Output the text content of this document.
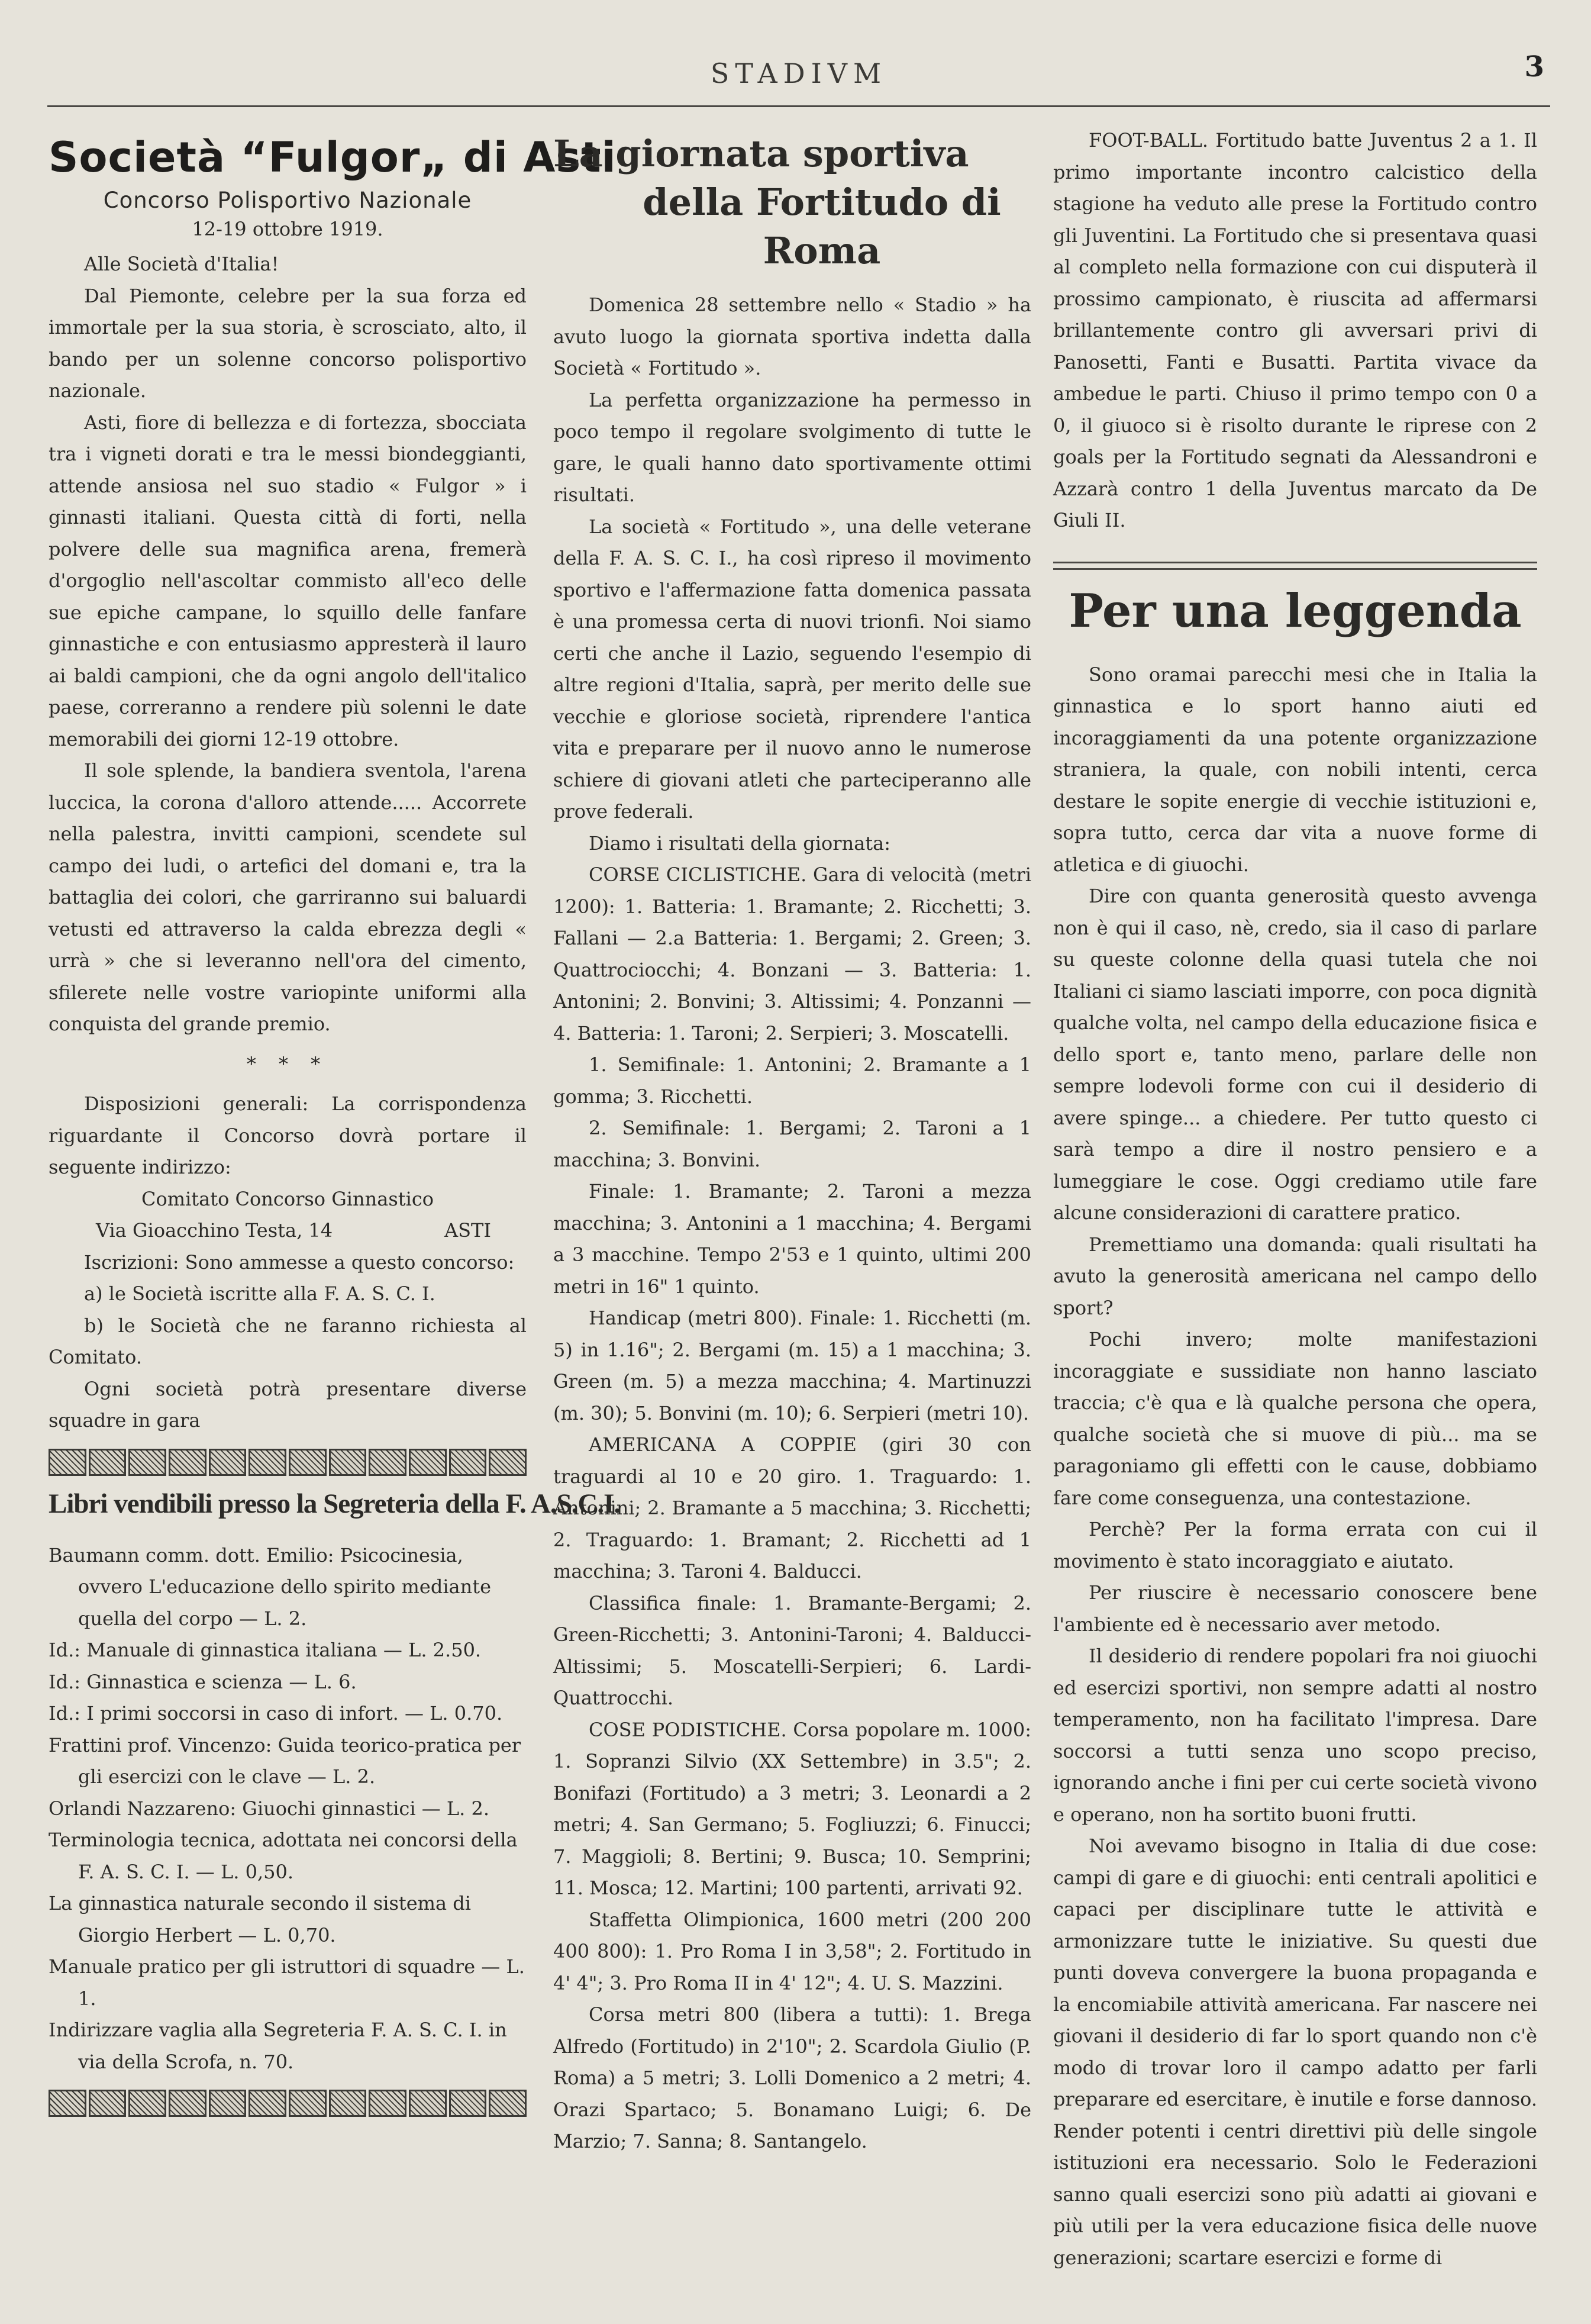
STADIVM	3
Società “Fulgor„ di Asti
Concorso Polisportivo Nazionale
12-19 ottobre 1919.

Alle Società d'Italia!

Dal Piemonte, celebre per la sua forza ed immortale per la sua storia, è scrosciato, alto, il bando per un solenne concorso polisportivo nazionale.

Asti, fiore di bellezza e di fortezza, sbocciata tra i vigneti dorati e tra le messi biondeggianti, attende ansiosa nel suo stadio « Fulgor » i ginnasti italiani. Questa città di forti, nella polvere delle sua magnifica arena, fremerà d'orgoglio nell'ascoltar commisto all'eco delle sue epiche campane, lo squillo delle fanfare ginnastiche e con entusiasmo appresterà il lauro ai baldi campioni, che da ogni angolo dell'italico paese, correranno a rendere più solenni le date memorabili dei giorni 12-19 ottobre.

Il sole splende, la bandiera sventola, l'arena luccica, la corona d'alloro attende..... Accorrete nella palestra, invitti campioni, scendete sul campo dei ludi, o artefici del domani e, tra la battaglia dei colori, che garriranno sui baluardi vetusti ed attraverso la calda ebrezza degli « urrà » che si leveranno nell'ora del cimento, sfilerete nelle vostre variopinte uniformi alla conquista del grande premio.

* * *

Disposizioni generali: La corrispondenza riguardante il Concorso dovrà portare il seguente indirizzo:

Comitato Concorso Ginnastico

Via Gioacchino Testa, 14	ASTI

Iscrizioni: Sono ammesse a questo concorso:

a) le Società iscritte alla F. A. S. C. I.

b) le Società che ne faranno richiesta al Comitato.

Ogni società potrà presentare diverse squadre in gara

Libri vendibili presso la Segreteria della F. A.S.C.I.

Baumann comm. dott. Emilio: Psicocinesia, ovvero L'educazione dello spirito mediante quella del corpo — L. 2.

Id.: Manuale di ginnastica italiana — L. 2.50.

Id.: Ginnastica e scienza — L. 6.

Id.: I primi soccorsi in caso di infort. — L. 0.70.

Frattini prof. Vincenzo: Guida teorico-pratica per gli esercizi con le clave — L. 2.

Orlandi Nazzareno: Giuochi ginnastici — L. 2.

Terminologia tecnica, adottata nei concorsi della F. A. S. C. I. — L. 0,50.

La ginnastica naturale secondo il sistema di Giorgio Herbert — L. 0,70.

Manuale pratico per gli istruttori di squadre — L. 1.

Indirizzare vaglia alla Segreteria F. A. S. C. I. in via della Scrofa, n. 70.

La giornata sportiva
della Fortitudo di Roma

Domenica 28 settembre nello « Stadio » ha avuto luogo la giornata sportiva indetta dalla Società « Fortitudo ».

La perfetta organizzazione ha permesso in poco tempo il regolare svolgimento di tutte le gare, le quali hanno dato sportivamente ottimi risultati.

La società « Fortitudo », una delle veterane della F. A. S. C. I., ha così ripreso il movimento sportivo e l'affermazione fatta domenica passata è una promessa certa di nuovi trionfi. Noi siamo certi che anche il Lazio, seguendo l'esempio di altre regioni d'Italia, saprà, per merito delle sue vecchie e gloriose società, riprendere l'antica vita e preparare per il nuovo anno le numerose schiere di giovani atleti che parteciperanno alle prove federali.

Diamo i risultati della giornata:

CORSE CICLISTICHE. Gara di velocità (metri 1200): 1. Batteria: 1. Bramante; 2. Ricchetti; 3. Fallani — 2.a Batteria: 1. Bergami; 2. Green; 3. Quattrociocchi; 4. Bonzani — 3. Batteria: 1. Antonini; 2. Bonvini; 3. Altissimi; 4. Ponzanni — 4. Batteria: 1. Taroni; 2. Serpieri; 3. Moscatelli.

1. Semifinale: 1. Antonini; 2. Bramante a 1 gomma; 3. Ricchetti.

2. Semifinale: 1. Bergami; 2. Taroni a 1 macchina; 3. Bonvini.

Finale: 1. Bramante; 2. Taroni a mezza macchina; 3. Antonini a 1 macchina; 4. Bergami a 3 macchine. Tempo 2'53 e 1 quinto, ultimi 200 metri in 16" 1 quinto.

Handicap (metri 800). Finale: 1. Ricchetti (m. 5) in 1.16"; 2. Bergami (m. 15) a 1 macchina; 3. Green (m. 5) a mezza macchina; 4. Martinuzzi (m. 30); 5. Bonvini (m. 10); 6. Serpieri (metri 10).

AMERICANA A COPPIE (giri 30 con traguardi al 10 e 20 giro. 1. Traguardo: 1. Antonini; 2. Bramante a 5 macchina; 3. Ricchetti; 2. Traguardo: 1. Bramant; 2. Ricchetti ad 1 macchina; 3. Taroni 4. Balducci.

Classifica finale: 1. Bramante-Bergami; 2. Green-Ricchetti; 3. Antonini-Taroni; 4. Balducci-Altissimi; 5. Moscatelli-Serpieri; 6. Lardi-Quattrocchi.

COSE PODISTICHE. Corsa popolare m. 1000: 1. Sopranzi Silvio (XX Settembre) in 3.5"; 2. Bonifazi (Fortitudo) a 3 metri; 3. Leonardi a 2 metri; 4. San Germano; 5. Fogliuzzi; 6. Finucci; 7. Maggioli; 8. Bertini; 9. Busca; 10. Semprini; 11. Mosca; 12. Martini; 100 partenti, arrivati 92.

Staffetta Olimpionica, 1600 metri (200 200 400 800): 1. Pro Roma I in 3,58"; 2. Fortitudo in 4' 4"; 3. Pro Roma II in 4' 12"; 4. U. S. Mazzini.

Corsa metri 800 (libera a tutti): 1. Brega Alfredo (Fortitudo) in 2'10"; 2. Scardola Giulio (P. Roma) a 5 metri; 3. Lolli Domenico a 2 metri; 4. Orazi Spartaco; 5. Bonamano Luigi; 6. De Marzio; 7. Sanna; 8. Santangelo.

FOOT-BALL. Fortitudo batte Juventus 2 a 1. Il primo importante incontro calcistico della stagione ha veduto alle prese la Fortitudo contro gli Juventini. La Fortitudo che si presentava quasi al completo nella formazione con cui disputerà il prossimo campionato, è riuscita ad affermarsi brillantemente contro gli avversari privi di Panosetti, Fanti e Busatti. Partita vivace da ambedue le parti. Chiuso il primo tempo con 0 a 0, il giuoco si è risolto durante le riprese con 2 goals per la Fortitudo segnati da Alessandroni e Azzarà contro 1 della Juventus marcato da De Giuli II.

Per una leggenda

Sono oramai parecchi mesi che in Italia la ginnastica e lo sport hanno aiuti ed incoraggiamenti da una potente organizzazione straniera, la quale, con nobili intenti, cerca destare le sopite energie di vecchie istituzioni e, sopra tutto, cerca dar vita a nuove forme di atletica e di giuochi.

Dire con quanta generosità questo avvenga non è qui il caso, nè, credo, sia il caso di parlare su queste colonne della quasi tutela che noi Italiani ci siamo lasciati imporre, con poca dignità qualche volta, nel campo della educazione fisica e dello sport e, tanto meno, parlare delle non sempre lodevoli forme con cui il desiderio di avere spinge... a chiedere. Per tutto questo ci sarà tempo a dire il nostro pensiero e a lumeggiare le cose. Oggi crediamo utile fare alcune considerazioni di carattere pratico.

Premettiamo una domanda: quali risultati ha avuto la generosità americana nel campo dello sport?

Pochi invero; molte manifestazioni incoraggiate e sussidiate non hanno lasciato traccia; c'è qua e là qualche persona che opera, qualche società che si muove di più... ma se paragoniamo gli effetti con le cause, dobbiamo fare come conseguenza, una contestazione.

Perchè? Per la forma errata con cui il movimento è stato incoraggiato e aiutato.

Per riuscire è necessario conoscere bene l'ambiente ed è necessario aver metodo.

Il desiderio di rendere popolari fra noi giuochi ed esercizi sportivi, non sempre adatti al nostro temperamento, non ha facilitato l'impresa. Dare soccorsi a tutti senza uno scopo preciso, ignorando anche i fini per cui certe società vivono e operano, non ha sortito buoni frutti.

Noi avevamo bisogno in Italia di due cose: campi di gare e di giuochi: enti centrali apolitici e capaci per disciplinare tutte le attività e armonizzare tutte le iniziative. Su questi due punti doveva convergere la buona propaganda e la encomiabile attività americana. Far nascere nei giovani il desiderio di far lo sport quando non c'è modo di trovar loro il campo adatto per farli preparare ed esercitare, è inutile e forse dannoso. Render potenti i centri direttivi più delle singole istituzioni era necessario. Solo le Federazioni sanno quali esercizi sono più adatti ai giovani e più utili per la vera educazione fisica delle nuove generazioni; scartare esercizi e forme di
